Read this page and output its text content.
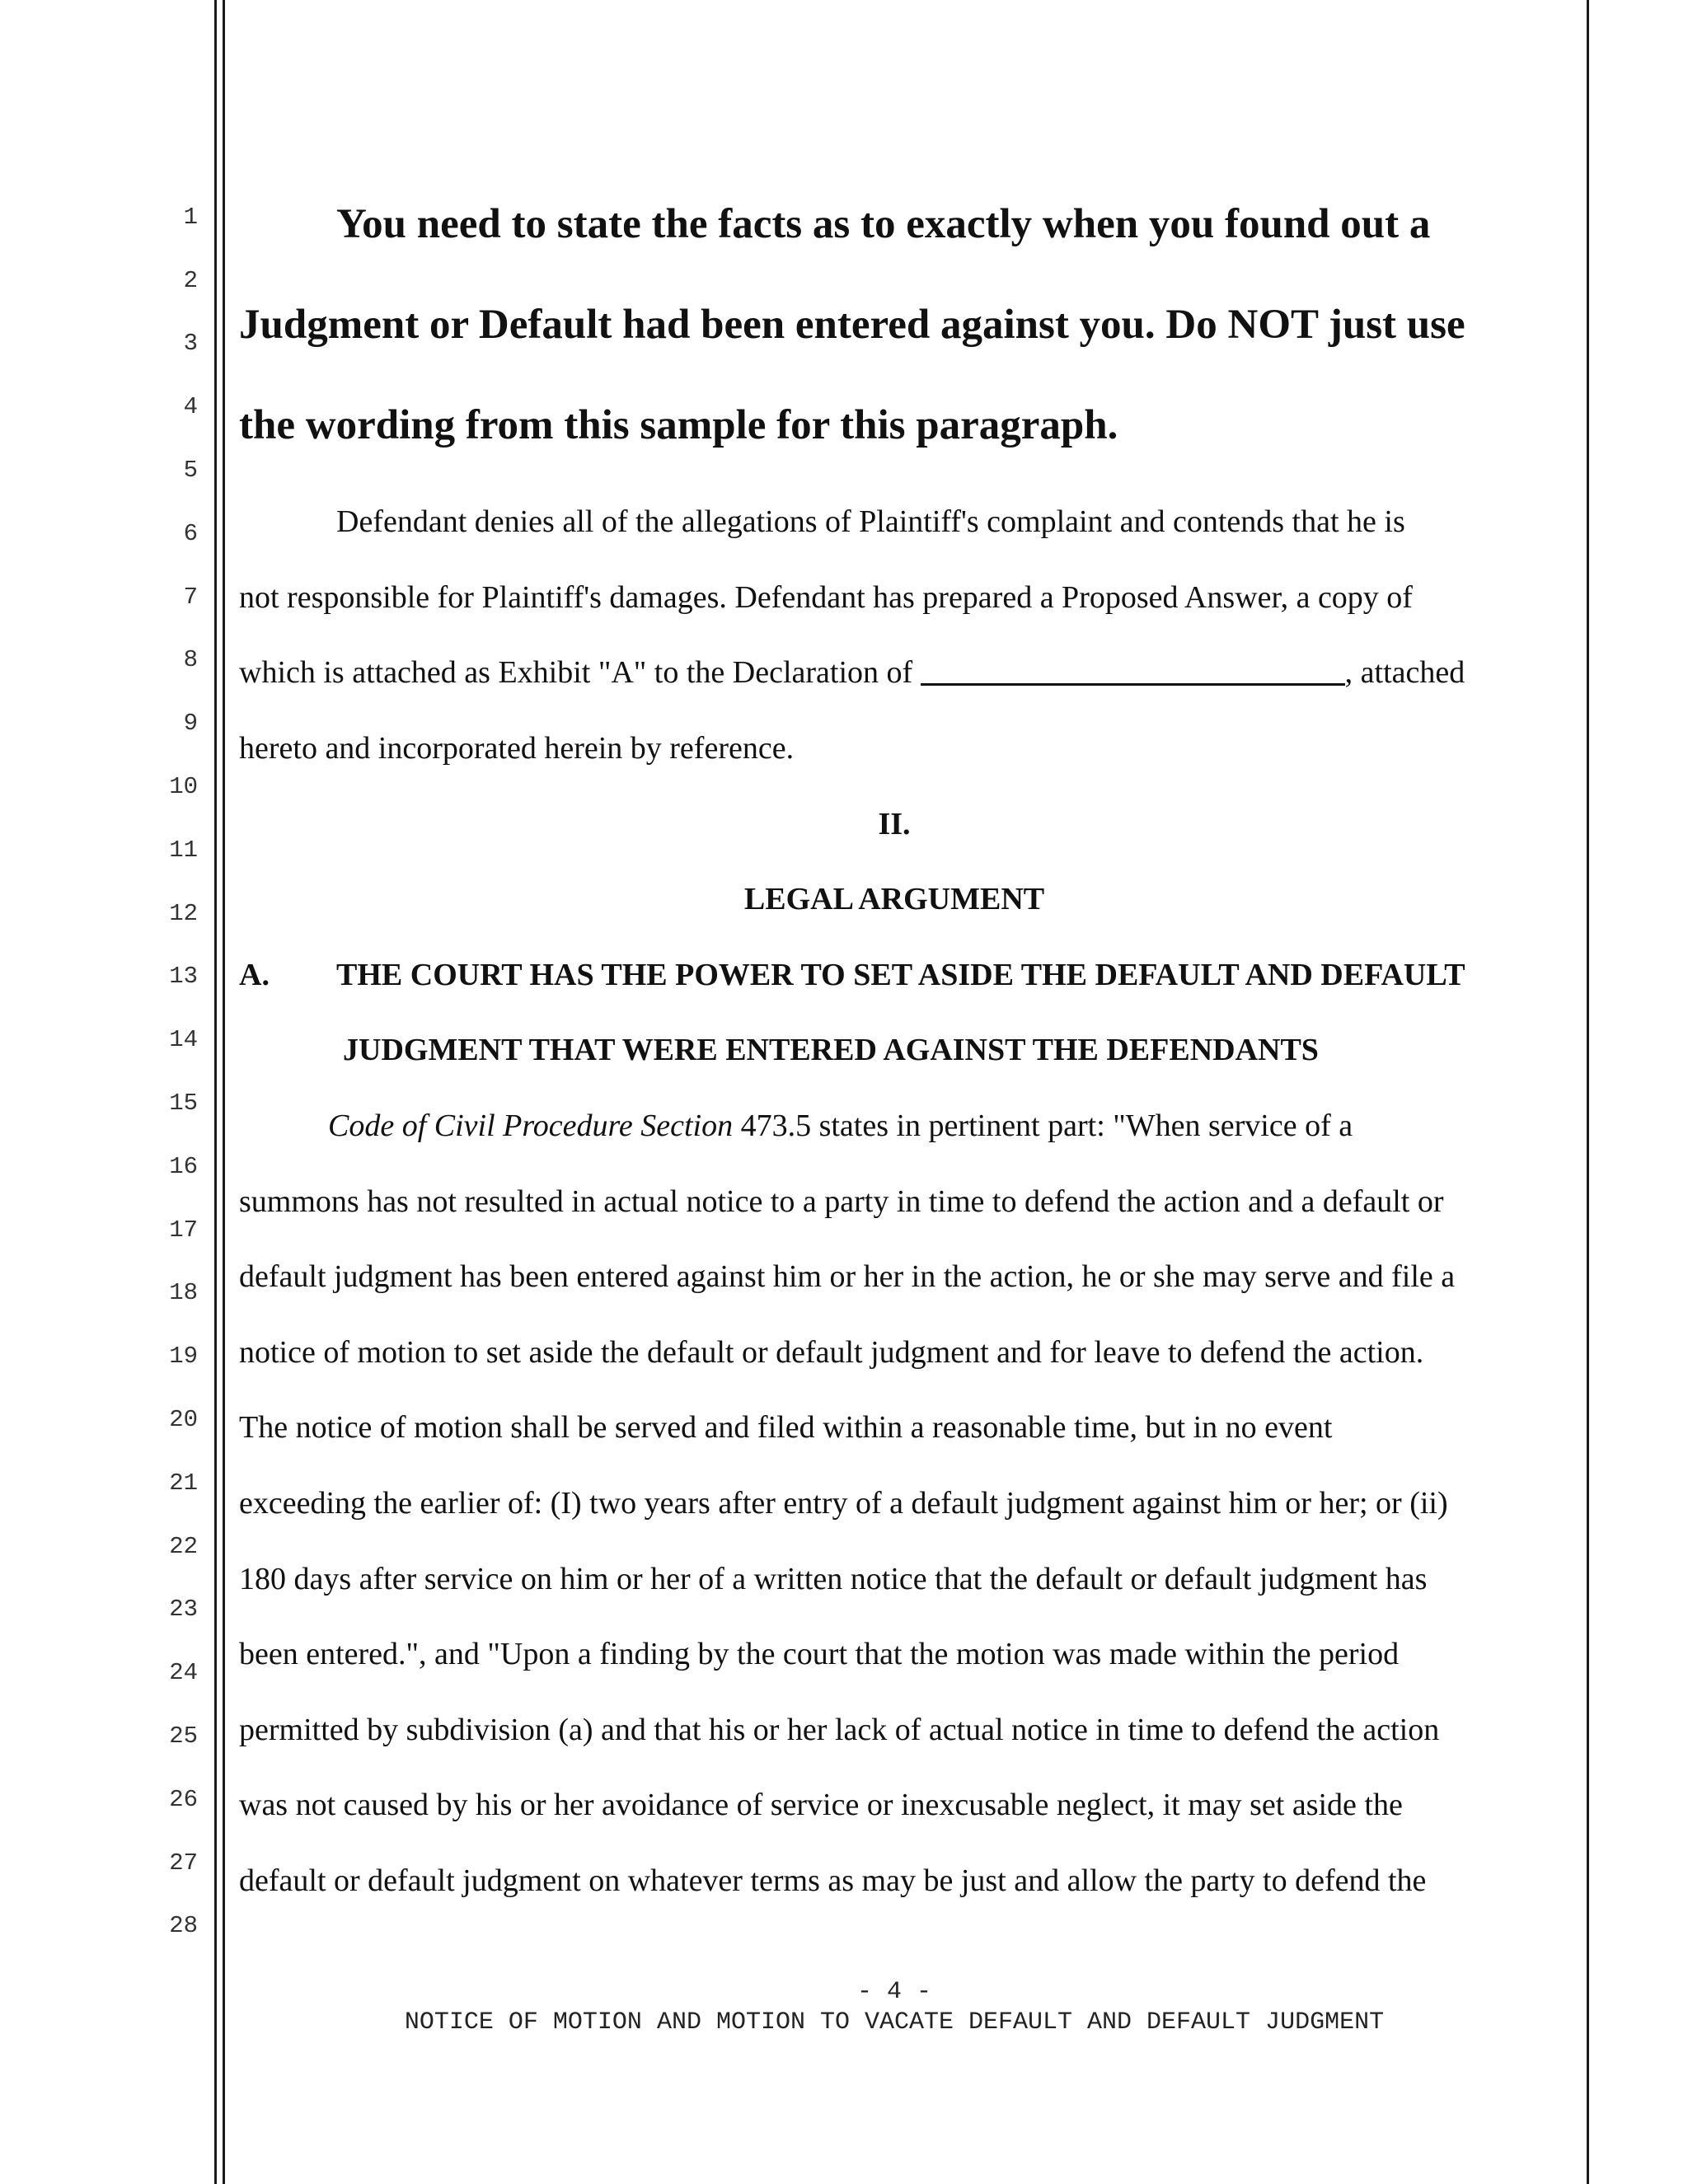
1
2
3
4
5
6
7
8
9
10
11
12
13
14
15
16
17
18
19
20
21
22
23
24
25
26
27
28
You need to state the facts as to exactly when you found out a
Judgment or Default had been entered against you. Do NOT just use
the wording from this sample for this paragraph.
Defendant denies all of the allegations of Plaintiff's complaint and contends that he is
not responsible for Plaintiff's damages. Defendant has prepared a Proposed Answer, a copy of
which is attached as Exhibit "A" to the Declaration of	, attached
hereto and incorporated herein by reference.
II.
LEGAL ARGUMENT
A. THE COURT HAS THE POWER TO SET ASIDE THE DEFAULT AND DEFAULT
JUDGMENT THAT WERE ENTERED AGAINST THE DEFENDANTS
Code of Civil Procedure Section 473.5 states in pertinent part: "When service of a
summons has not resulted in actual notice to a party in time to defend the action and a default or
default judgment has been entered against him or her in the action, he or she may serve and file a
notice of motion to set aside the default or default judgment and for leave to defend the action.
The notice of motion shall be served and filed within a reasonable time, but in no event
exceeding the earlier of: (I) two years after entry of a default judgment against him or her; or (ii)
180 days after service on him or her of a written notice that the default or default judgment has
been entered.", and "Upon a finding by the court that the motion was made within the period
permitted by subdivision (a) and that his or her lack of actual notice in time to defend the action
was not caused by his or her avoidance of service or inexcusable neglect, it may set aside the
default or default judgment on whatever terms as may be just and allow the party to defend the
- 4 -
NOTICE OF MOTION AND MOTION TO VACATE DEFAULT AND DEFAULT JUDGMENT
